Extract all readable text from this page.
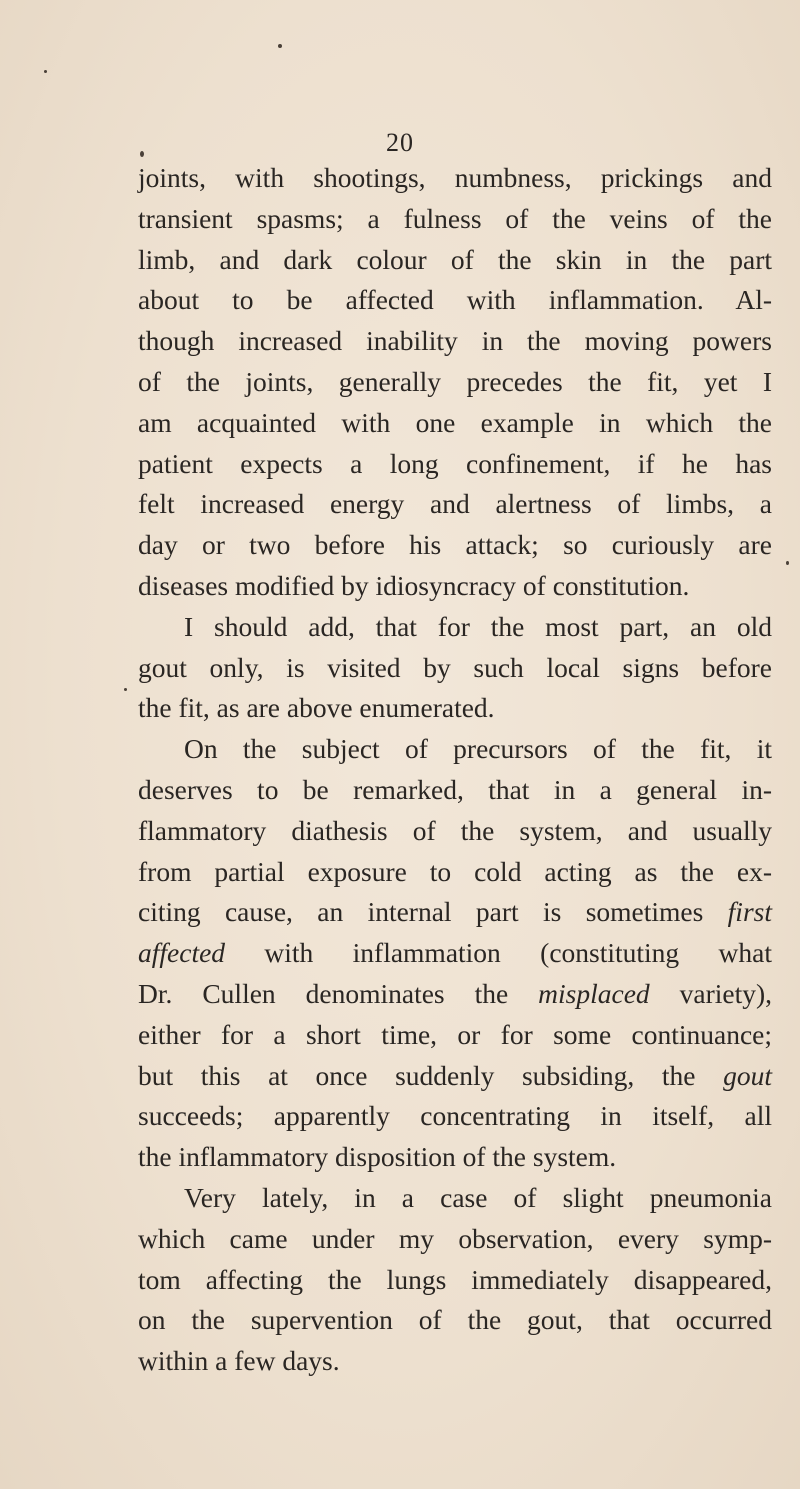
20
joints, with shootings, numbness, prickings and
transient spasms; a fulness of the veins of the
limb, and dark colour of the skin in the part
about to be affected with inflammation. Al-
though increased inability in the moving powers
of the joints, generally precedes the fit, yet I
am acquainted with one example in which the
patient expects a long confinement, if he has
felt increased energy and alertness of limbs, a
day or two before his attack; so curiously are
diseases modified by idiosyncracy of constitution.
I should add, that for the most part, an old
gout only, is visited by such local signs before
the fit, as are above enumerated.
On the subject of precursors of the fit, it
deserves to be remarked, that in a general in-
flammatory diathesis of the system, and usually
from partial exposure to cold acting as the ex-
citing cause, an internal part is sometimes first
affected with inflammation (constituting what
Dr. Cullen denominates the misplaced variety),
either for a short time, or for some continuance;
but this at once suddenly subsiding, the gout
succeeds; apparently concentrating in itself, all
the inflammatory disposition of the system.
Very lately, in a case of slight pneumonia
which came under my observation, every symp-
tom affecting the lungs immediately disappeared,
on the supervention of the gout, that occurred
within a few days.
